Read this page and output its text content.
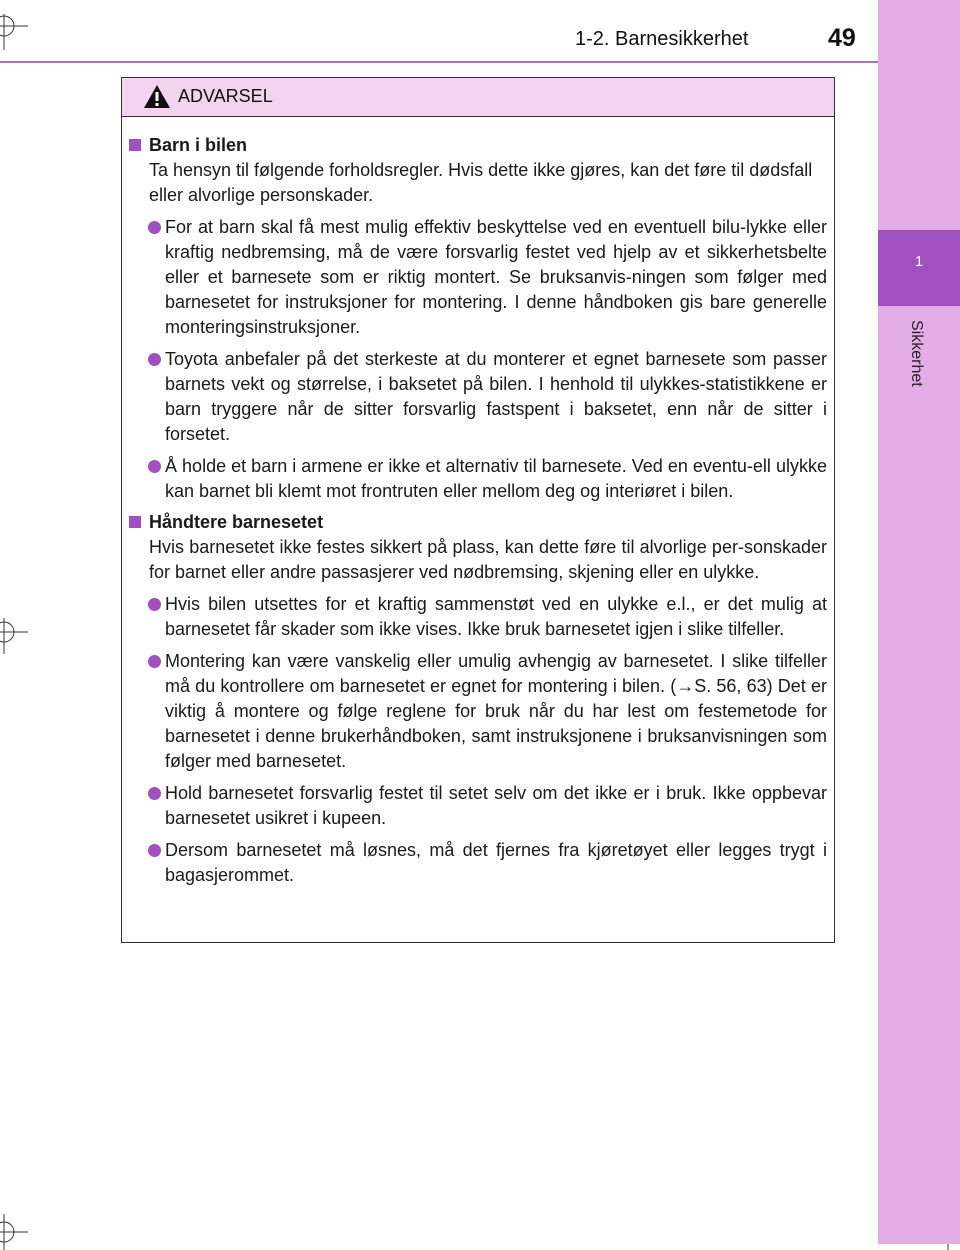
1
Sikkerhet
1-2. Barnesikkerhet	49
ADVARSEL
Barn i bilen
Ta hensyn til følgende forholdsregler. Hvis dette ikke gjøres, kan det føre til dødsfall eller alvorlige personskader.
For at barn skal få mest mulig effektiv beskyttelse ved en eventuell bilu-lykke eller kraftig nedbremsing, må de være forsvarlig festet ved hjelp av et sikkerhetsbelte eller et barnesete som er riktig montert. Se bruksanvis-ningen som følger med barnesetet for instruksjoner for montering. I denne håndboken gis bare generelle monteringsinstruksjoner.
Toyota anbefaler på det sterkeste at du monterer et egnet barnesete som passer barnets vekt og størrelse, i baksetet på bilen. I henhold til ulykkes-statistikkene er barn tryggere når de sitter forsvarlig fastspent i baksetet, enn når de sitter i forsetet.
Å holde et barn i armene er ikke et alternativ til barnesete. Ved en eventu-ell ulykke kan barnet bli klemt mot frontruten eller mellom deg og interiøret i bilen.
Håndtere barnesetet
Hvis barnesetet ikke festes sikkert på plass, kan dette føre til alvorlige per-sonskader for barnet eller andre passasjerer ved nødbremsing, skjening eller en ulykke.
Hvis bilen utsettes for et kraftig sammenstøt ved en ulykke e.l., er det mulig at barnesetet får skader som ikke vises. Ikke bruk barnesetet igjen i slike tilfeller.
Montering kan være vanskelig eller umulig avhengig av barnesetet. I slike tilfeller må du kontrollere om barnesetet er egnet for montering i bilen. (→S. 56, 63) Det er viktig å montere og følge reglene for bruk når du har lest om festemetode for barnesetet i denne brukerhåndboken, samt instruksjonene i bruksanvisningen som følger med barnesetet.
Hold barnesetet forsvarlig festet til setet selv om det ikke er i bruk. Ikke oppbevar barnesetet usikret i kupeen.
Dersom barnesetet må løsnes, må det fjernes fra kjøretøyet eller legges trygt i bagasjerommet.
